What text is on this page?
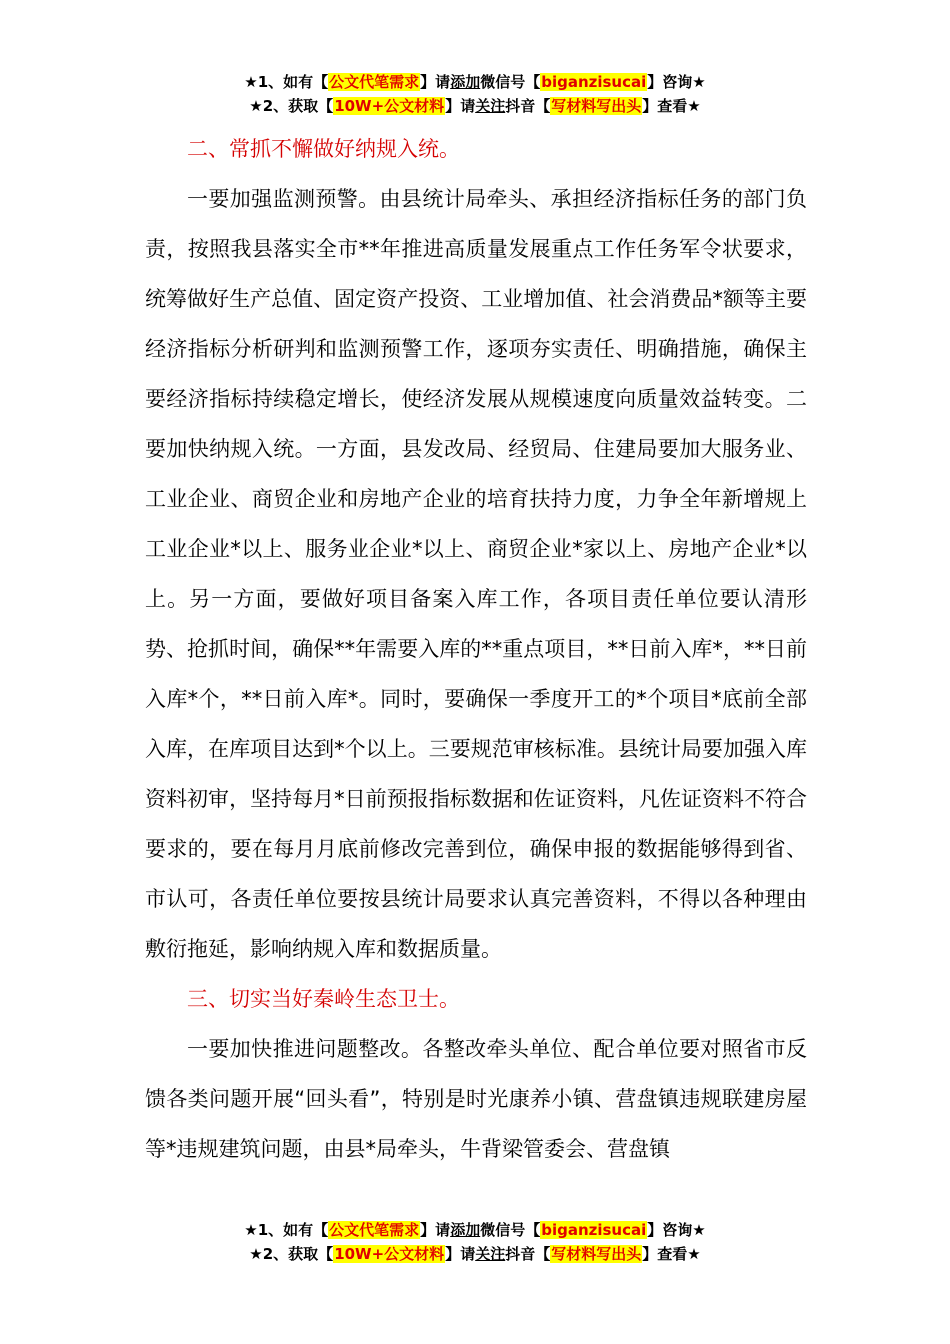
★1、如有【公文代笔需求】请添加微信号【biganzisucai】咨询★
★2、获取【10W+公文材料】请关注抖音【写材料写出头】查看★

二、常抓不懈做好纳规入统。

一要加强监测预警。由县统计局牵头、承担经济指标任务的部门负责，按照我县落实全市**年推进高质量发展重点工作任务军令状要求，统筹做好生产总值、固定资产投资、工业增加值、社会消费品*额等主要经济指标分析研判和监测预警工作，逐项夯实责任、明确措施，确保主要经济指标持续稳定增长，使经济发展从规模速度向质量效益转变。二要加快纳规入统。一方面，县发改局、经贸局、住建局要加大服务业、工业企业、商贸企业和房地产企业的培育扶持力度，力争全年新增规上工业企业*以上、服务业企业*以上、商贸企业*家以上、房地产企业*以上。另一方面，要做好项目备案入库工作，各项目责任单位要认清形势、抢抓时间，确保**年需要入库的**重点项目，**日前入库*，**日前入库*个，**日前入库*。同时，要确保一季度开工的*个项目*底前全部入库，在库项目达到*个以上。三要规范审核标准。县统计局要加强入库资料初审，坚持每月*日前预报指标数据和佐证资料，凡佐证资料不符合要求的，要在每月月底前修改完善到位，确保申报的数据能够得到省、市认可，各责任单位要按县统计局要求认真完善资料，不得以各种理由敷衍拖延，影响纳规入库和数据质量。

三、切实当好秦岭生态卫士。

一要加快推进问题整改。各整改牵头单位、配合单位要对照省市反馈各类问题开展“回头看”，特别是时光康养小镇、营盘镇违规联建房屋等*违规建筑问题，由县*局牵头，牛背梁管委会、营盘镇

★1、如有【公文代笔需求】请添加微信号【biganzisucai】咨询★
★2、获取【10W+公文材料】请关注抖音【写材料写出头】查看★
